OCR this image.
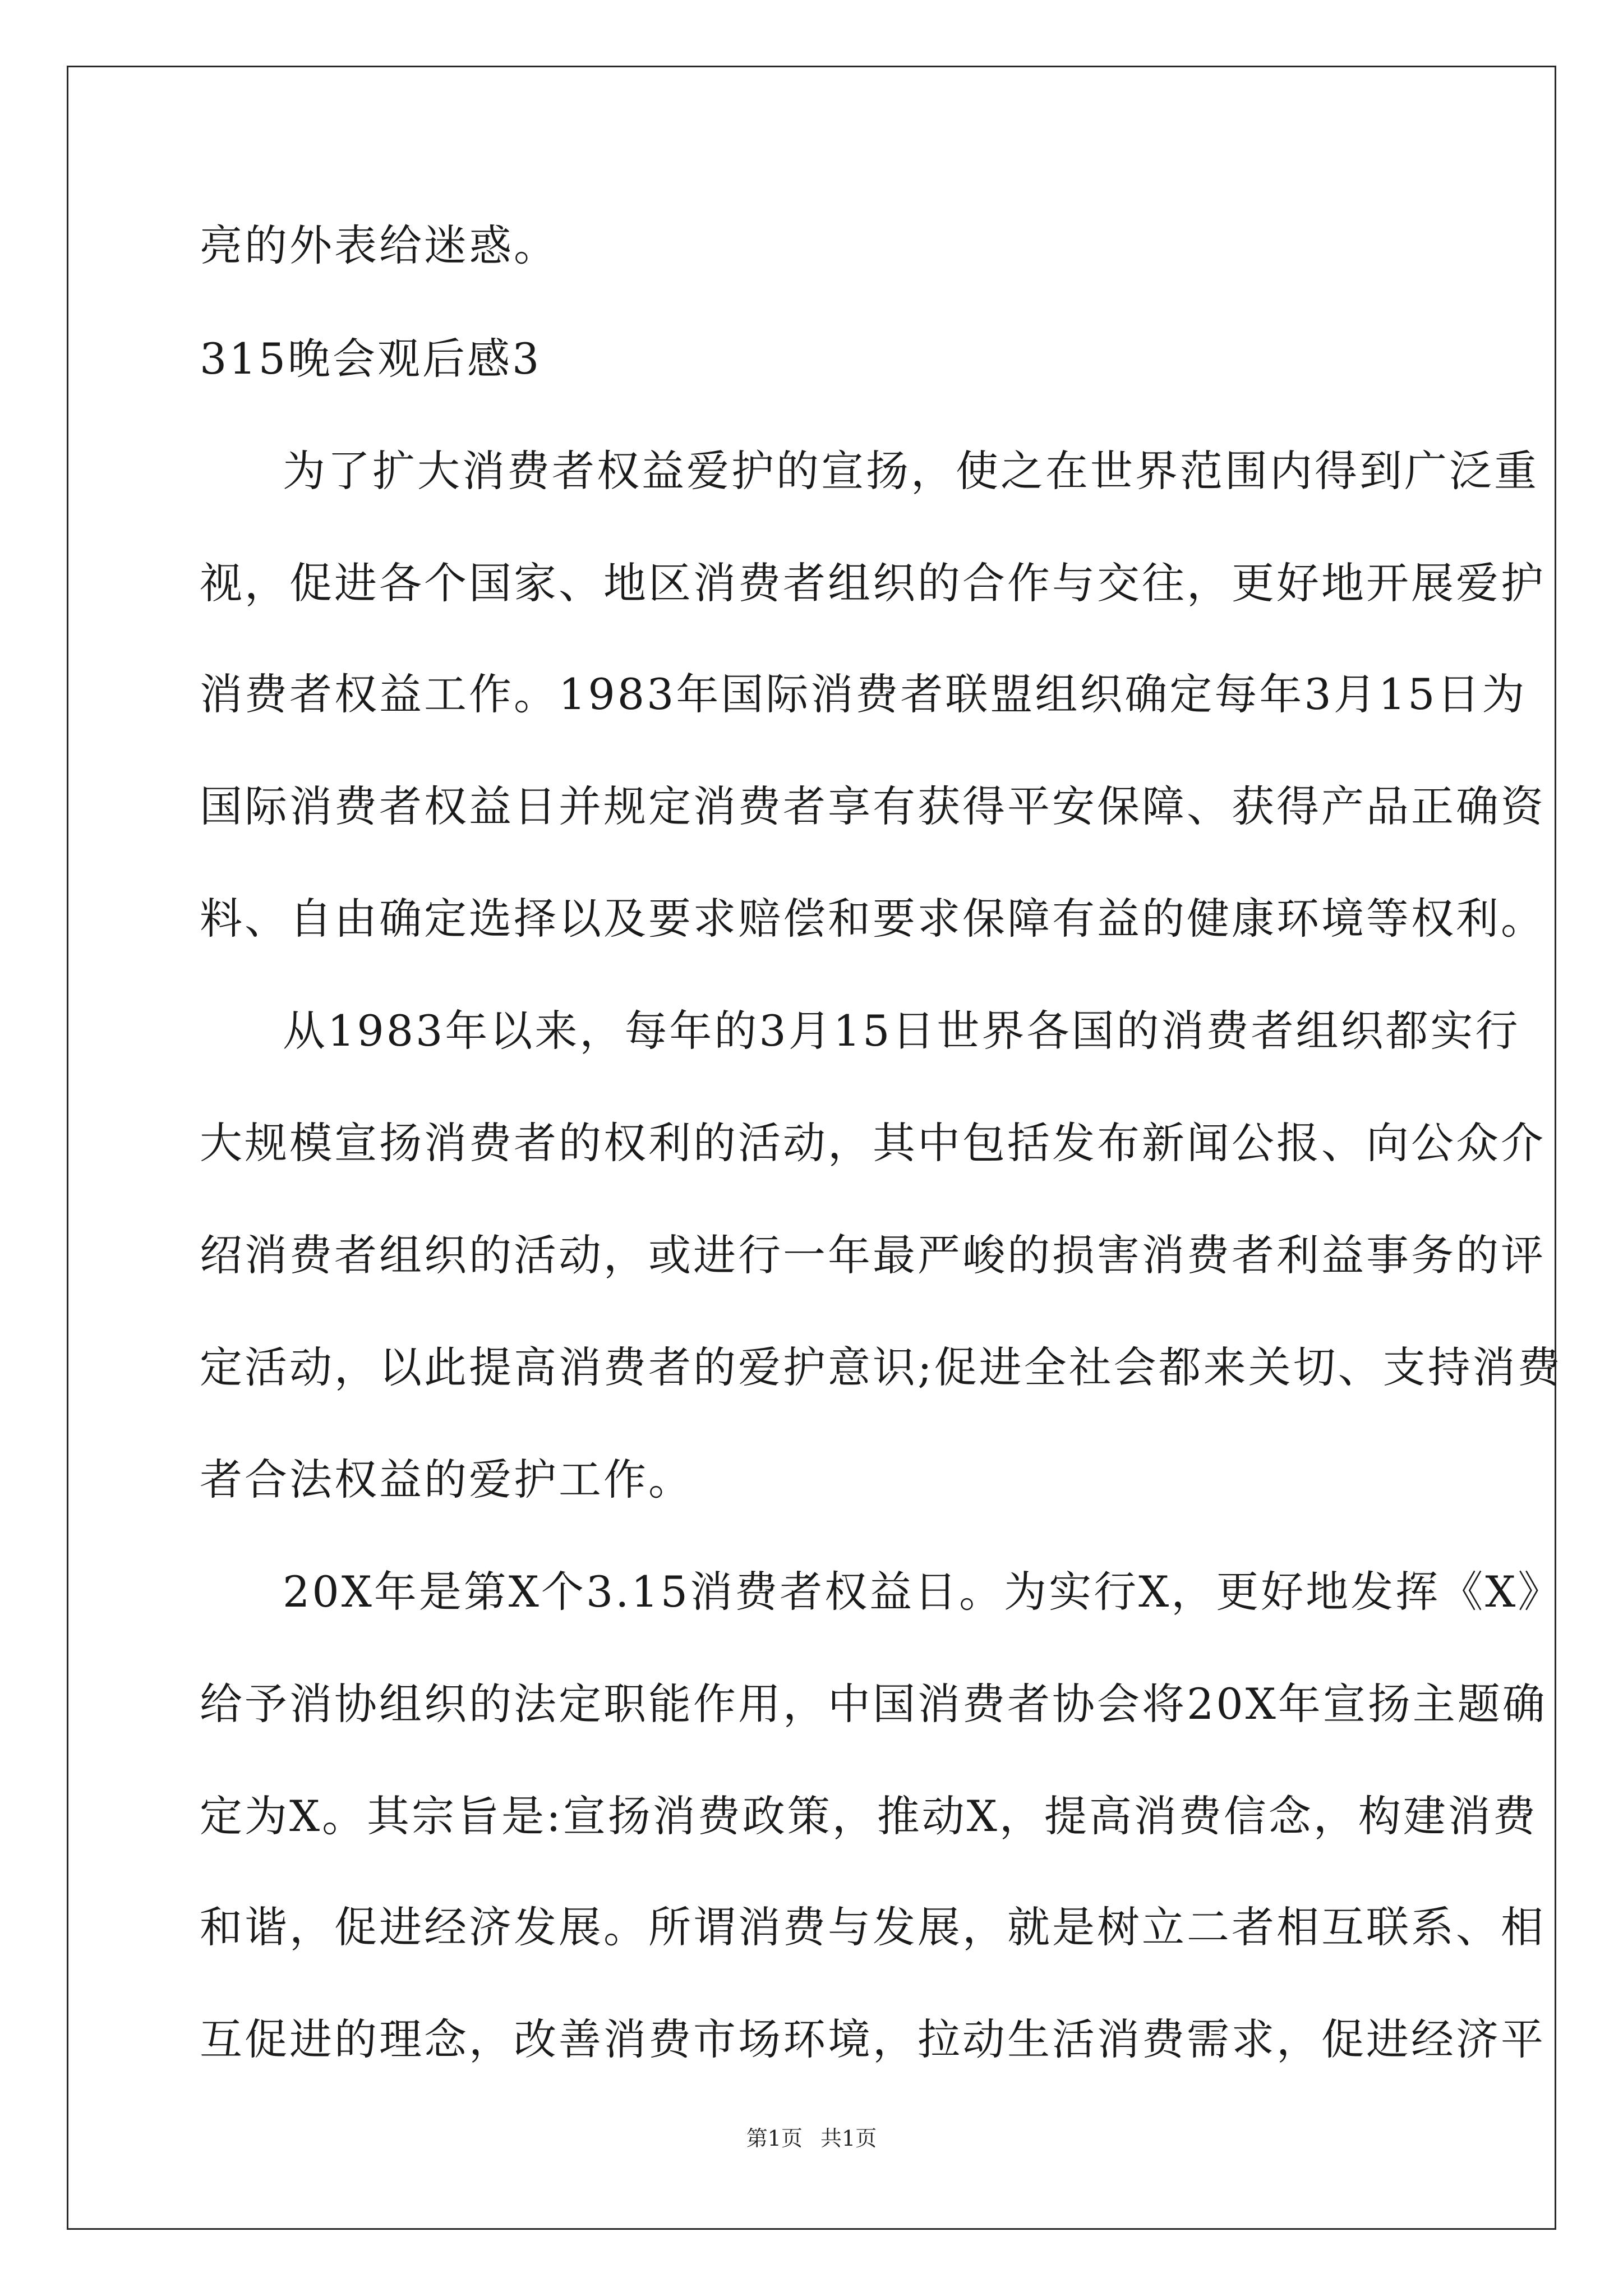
亮的外表给迷惑。
315晚会观后感3
为了扩大消费者权益爱护的宣扬，使之在世界范围内得到广泛重
视，促进各个国家、地区消费者组织的合作与交往，更好地开展爱护
消费者权益工作。1983年国际消费者联盟组织确定每年3月15日为
国际消费者权益日并规定消费者享有获得平安保障、获得产品正确资
料、自由确定选择以及要求赔偿和要求保障有益的健康环境等权利。
从1983年以来，每年的3月15日世界各国的消费者组织都实行
大规模宣扬消费者的权利的活动，其中包括发布新闻公报、向公众介
绍消费者组织的活动，或进行一年最严峻的损害消费者利益事务的评
定活动，以此提高消费者的爱护意识;促进全社会都来关切、支持消费
者合法权益的爱护工作。
20X年是第X个3.15消费者权益日。为实行X，更好地发挥《X》
给予消协组织的法定职能作用，中国消费者协会将20X年宣扬主题确
定为X。其宗旨是:宣扬消费政策，推动X，提高消费信念，构建消费
和谐，促进经济发展。所谓消费与发展，就是树立二者相互联系、相
互促进的理念，改善消费市场环境，拉动生活消费需求，促进经济平
第1页 共1页
